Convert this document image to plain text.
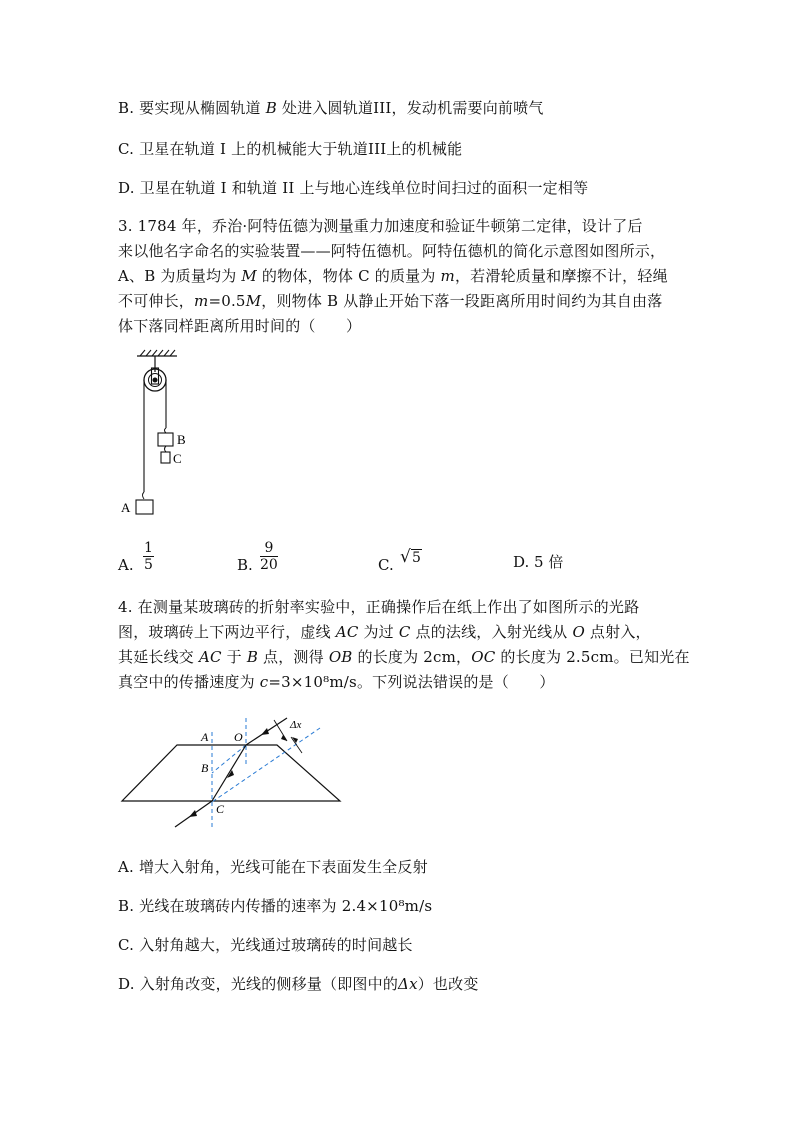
B. 要实现从椭圆轨道 B 处进入圆轨道III，发动机需要向前喷气
C. 卫星在轨道 I 上的机械能大于轨道III上的机械能
D. 卫星在轨道 I 和轨道 II 上与地心连线单位时间扫过的面积一定相等
3. 1784 年，乔治·阿特伍德为测量重力加速度和验证牛顿第二定律，设计了后
来以他名字命名的实验装置——阿特伍德机。阿特伍德机的简化示意图如图所示，
A、B 为质量均为 M 的物体，物体 C 的质量为 m，若滑轮质量和摩擦不计，轻绳
不可伸长，m=0.5M，则物体 B 从静止开始下落一段距离所用时间约为其自由落
体下落同样距离所用时间的（　　）
B
C
A
A. $\frac{1}{5}$	B. $\frac{9}{20}$	C. √ 5	D. 5 倍
4. 在测量某玻璃砖的折射率实验中，正确操作后在纸上作出了如图所示的光路
图，玻璃砖上下两边平行，虚线 AC 为过 C 点的法线，入射光线从 O 点射入，
其延长线交 AC 于 B 点，测得 OB 的长度为 2cm，OC 的长度为 2.5cm。已知光在
真空中的传播速度为 c=3×10⁸m/s。下列说法错误的是（　　）
Δx
A O
B
C
A. 增大入射角，光线可能在下表面发生全反射
B. 光线在玻璃砖内传播的速率为 2.4×10⁸m/s
C. 入射角越大，光线通过玻璃砖的时间越长
D. 入射角改变，光线的侧移量（即图中的Δx）也改变
